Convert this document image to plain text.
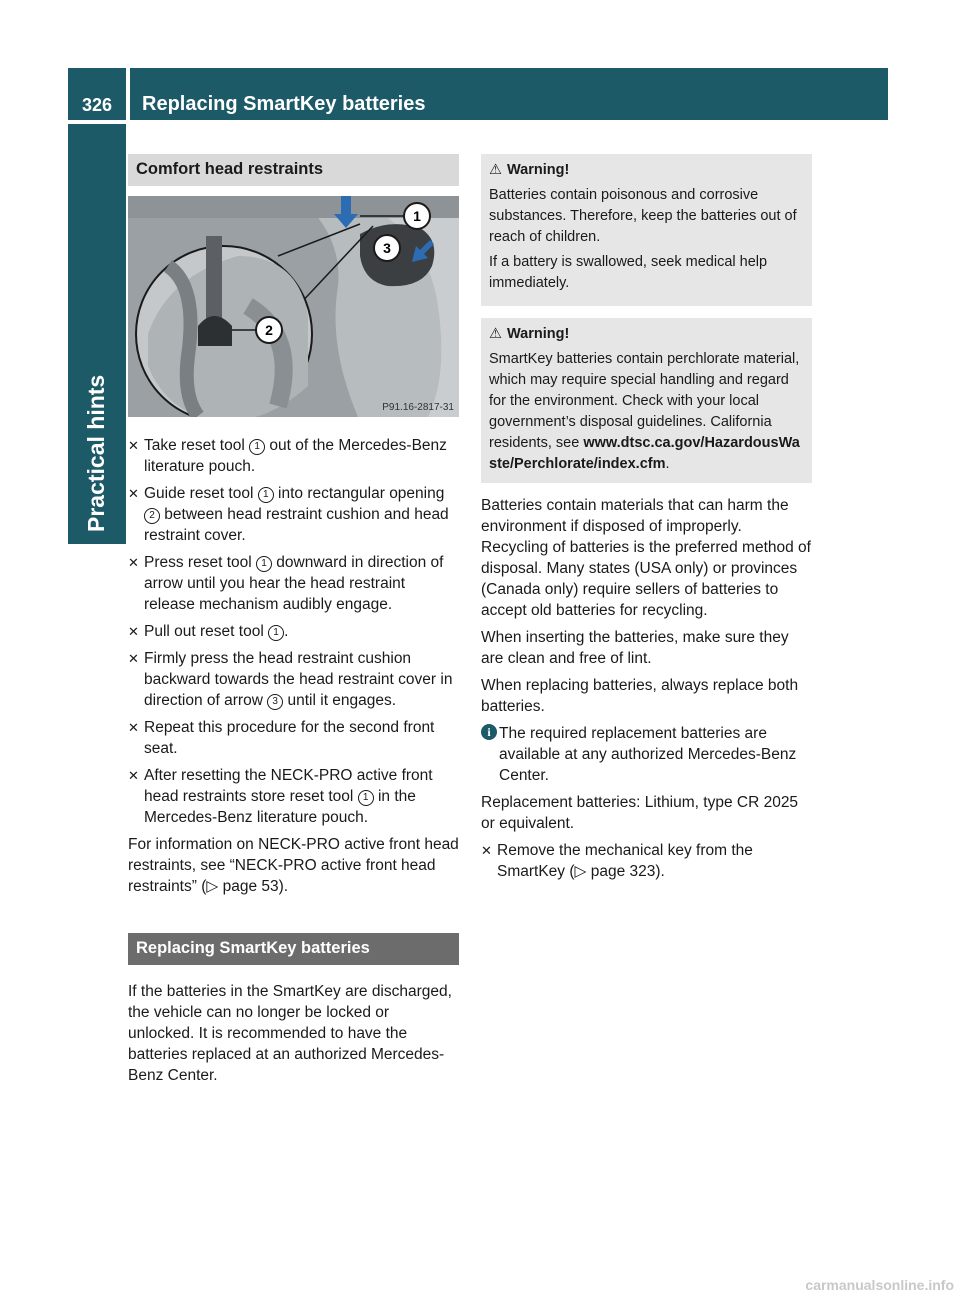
326	Replacing SmartKey batteries
Practical hints
Comfort head restraints
1
3
2
P91.16-2817-31
✕ Take reset tool 1 out of the Mercedes-Benz literature pouch.
✕ Guide reset tool 1 into rectangular opening 2 between head restraint cushion and head restraint cover.
✕ Press reset tool 1 downward in direction of arrow until you hear the head restraint release mechanism audibly engage.
✕ Pull out reset tool 1 .
✕ Firmly press the head restraint cushion backward towards the head restraint cover in direction of arrow 3 until it engages.
✕ Repeat this procedure for the second front seat.
✕ After resetting the NECK-PRO active front head restraints store reset tool 1 in the Mercedes-Benz literature pouch.

For information on NECK-PRO active front head restraints, see “NECK-PRO active front head restraints” (▷ page 53).

Replacing SmartKey batteries

If the batteries in the SmartKey are discharged, the vehicle can no longer be locked or unlocked. It is recommended to have the batteries replaced at an authorized Mercedes-Benz Center.

⚠ Warning!

Batteries contain poisonous and corrosive substances. Therefore, keep the batteries out of reach of children.

If a battery is swallowed, seek medical help immediately.

⚠ Warning!

SmartKey batteries contain perchlorate material, which may require special handling and regard for the environment. Check with your local government’s disposal guidelines. California residents, see www.dtsc.ca.gov/HazardousWaste/Perchlorate/index.cfm.

Batteries contain materials that can harm the environment if disposed of improperly. Recycling of batteries is the preferred method of disposal. Many states (USA only) or provinces (Canada only) require sellers of batteries to accept old batteries for recycling.

When inserting the batteries, make sure they are clean and free of lint.

When replacing batteries, always replace both batteries.

i The required replacement batteries are available at any authorized Mercedes-Benz Center.

Replacement batteries: Lithium, type CR 2025 or equivalent.

✕ Remove the mechanical key from the SmartKey (▷ page 323).
carmanualsonline.info
